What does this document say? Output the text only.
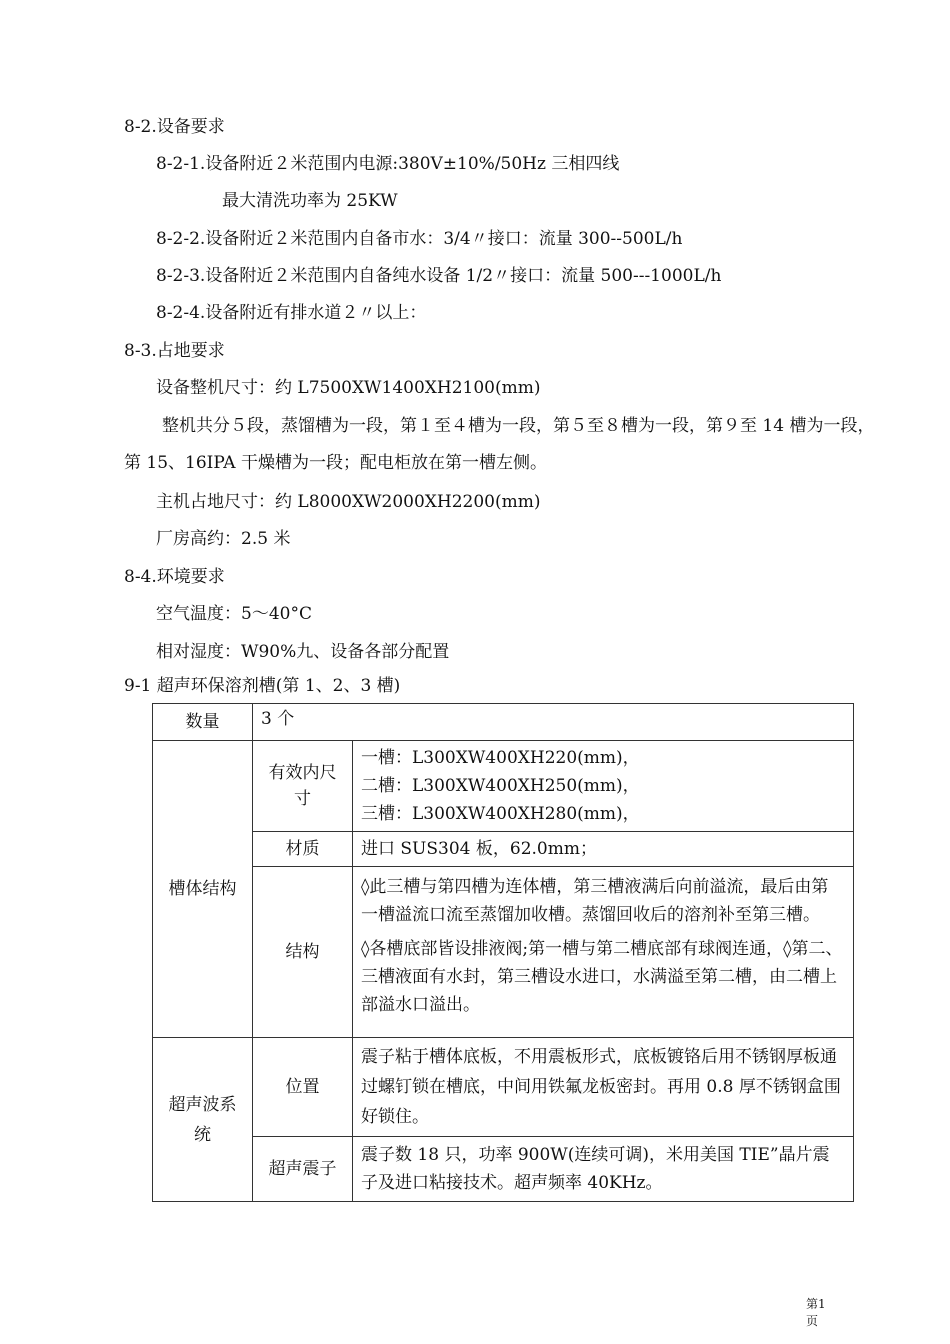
8-2.设备要求
8-2-1.设备附近２米范围内电源:380V±10%/50Hz 三相四线
最大清洗功率为 25KW
8-2-2.设备附近２米范围内自备市水：3/4〃接口：流量 300--500L/h
8-2-3.设备附近２米范围内自备纯水设备 1/2〃接口：流量 500---1000L/h
8-2-4.设备附近有排水道２〃以上：
8-3.占地要求
设备整机尺寸：约 L7500XW1400XH2100(mm)
整机共分５段，蒸馏槽为一段，第１至４槽为一段，第５至８槽为一段，第９至 14 槽为一段，第 15、16IPA 干燥槽为一段；配电柜放在第一槽左侧。
主机占地尺寸：约 L8000XW2000XH2200(mm)
厂房高约：2.5 米
8-4.环境要求
空气温度：5〜40°C
相对湿度：W90%九、设备各部分配置
9-1 超声环保溶剂槽(第 1、2、3 槽)
数量	3 个	

槽体结构	有效内尺寸	一槽：L300XW400XH220(mm)，
二槽：L300XW400XH250(mm)，
三槽：L300XW400XH280(mm)，

	材质	进口 SUS304 板，62.0mm；

	结构	◊此三槽与第四槽为连体槽，第三槽液满后向前溢流，最后由第一槽溢流口流至蒸馏加收槽。蒸馏回收后的溶剂补至第三槽。

◊各槽底部皆设排液阀;第一槽与第二槽底部有球阀连通，◊第二、三槽液面有水封，第三槽设水进口，水满溢至第二槽，由二槽上部溢水口溢出。

超声波系统	位置	震子粘于槽体底板，不用震板形式，底板镀铬后用不锈钢厚板通过螺钉锁在槽底，中间用铁氟龙板密封。再用 0.8 厚不锈钢盒围好锁住。

	超声震子	震子数 18 只，功率 900W(连续可调)，米用美国 TIE”晶片震子及进口粘接技术。超声频率 40KHz。
第1页
